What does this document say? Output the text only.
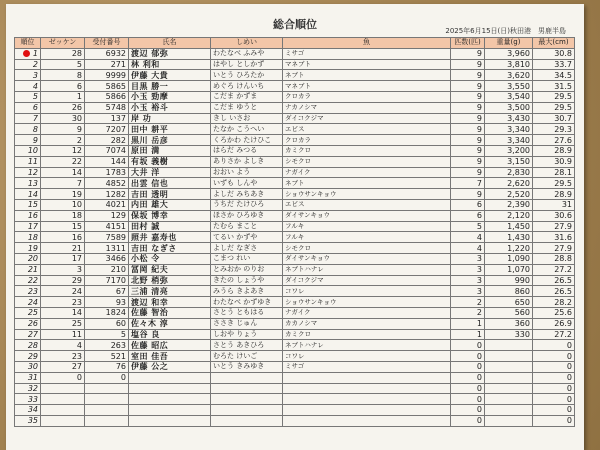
総合順位	2025年6月15日(日)秋田港　男鹿半島
順位	ゼッケン	受付番号	氏名	しめい	魚	匹数(匹)	重量(g)	最大(cm)
1	28	6932	渡辺 郁弥	わたなべ ふみや	ミサゴ	9	3,960	30.8
2	5	271	林 利和	はやし としかず	マネブト	9	3,810	33.7
3	8	9999	伊藤 大貴	いとう ひろたか	ネブト	9	3,620	34.5
4	6	5865	目黒 勝一	めぐろ けんいち	マネブト	9	3,550	31.5
5	1	5866	小玉 勁摩	こだま かずま	クロカラ	9	3,540	29.5
6	26	5748	小玉 裕斗	こだま ゆうと	ナカノシマ	9	3,500	29.5
7	30	137	岸 功	きし いさお	ダイコクジマ	9	3,430	30.7
8	9	7207	田中 耕平	たなか こうへい	エビス	9	3,340	29.3
9	2	282	黒川 岳彦	くろかわ たけひこ	クロカラ	9	3,340	27.6
10	12	7074	原田 満	はらだ みつる	カミクロ	9	3,200	28.9
11	22	144	有坂 義樹	ありさか よしき	シモクロ	9	3,150	30.9
12	14	1783	大井 洋	おおい よう	ナガイク	9	2,830	28.1
13	7	4852	出雲 信也	いずも しんや	ネブト	7	2,620	29.5
14	19	1282	吉田 透明	よしだ みちあき	ショウサンキョウ	9	2,520	28.9
15	10	4021	内田 雄大	うちだ たけひろ	エビス	6	2,390	31
16	18	129	保坂 博幸	ほさか ひろゆき	ダイサンキョウ	6	2,120	30.6
17	15	4151	田村 誠	たむら まこと	フルキ	5	1,450	27.9
18	16	7589	照井 嘉寿也	てるい かずや	フルキ	4	1,430	31.6
19	21	1311	吉田 なぎさ	よしだ なぎさ	シモクロ	4	1,220	27.9
20	17	3466	小松 令	こまつ れい	ダイサンキョウ	3	1,090	28.8
21	3	210	冨岡 紀夫	とみおか のりお	ネブトハナレ	3	1,070	27.2
22	29	7170	北野 梢弥	きたの しょうや	ダイコクジマ	3	990	26.5
23	24	67	三浦 清亮	みうら きよあき	コワレ	3	860	26.5
24	23	93	渡辺 和幸	わたなべ かずゆき	ショウサンキョウ	2	650	28.2
25	14	1824	佐藤 智治	さとう ともはる	ナガイク	2	560	25.6
26	25	60	佐々木 淳	ささき じゅん	カカノシマ	1	360	26.9
27	11	5	塩谷 良	しおや りょう	カミクロ	1	330	27.2
28	4	263	佐藤 昭広	さとう あきひろ	ネブトハナレ	0		0
29	23	521	室田 佳吾	むろた けいご	コワレ	0		0
30	27	76	伊藤 公之	いとう きみゆき	ミサゴ	0		0
31	0	0				0		0
32						0		0
33						0		0
34						0		0
35						0		0
